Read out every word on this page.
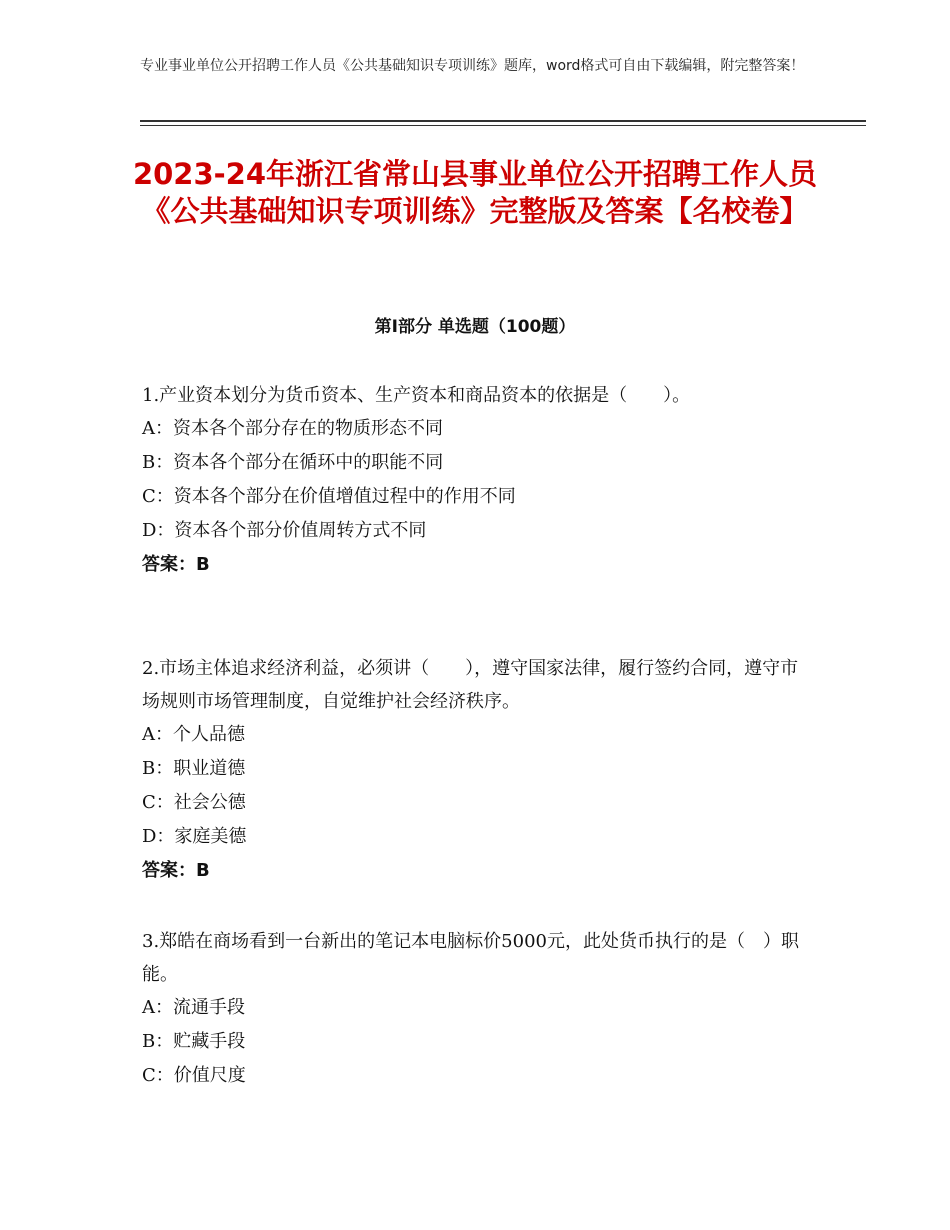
专业事业单位公开招聘工作人员《公共基础知识专项训练》题库，word格式可自由下载编辑，附完整答案！
2023-24年浙江省常山县事业单位公开招聘工作人员《公共基础知识专项训练》完整版及答案【名校卷】
第Ⅰ部分 单选题（100题）

1.产业资本划分为货币资本、生产资本和商品资本的依据是（　　）。

A：资本各个部分存在的物质形态不同

B：资本各个部分在循环中的职能不同

C：资本各个部分在价值增值过程中的作用不同

D：资本各个部分价值周转方式不同

答案：B

2.市场主体追求经济利益，必须讲（　　），遵守国家法律，履行签约合同，遵守市场规则市场管理制度，自觉维护社会经济秩序。

A：个人品德

B：职业道德

C：社会公德

D：家庭美德

答案：B

3.郑皓在商场看到一台新出的笔记本电脑标价5000元，此处货币执行的是（　）职能。

A：流通手段

B：贮藏手段

C：价值尺度
